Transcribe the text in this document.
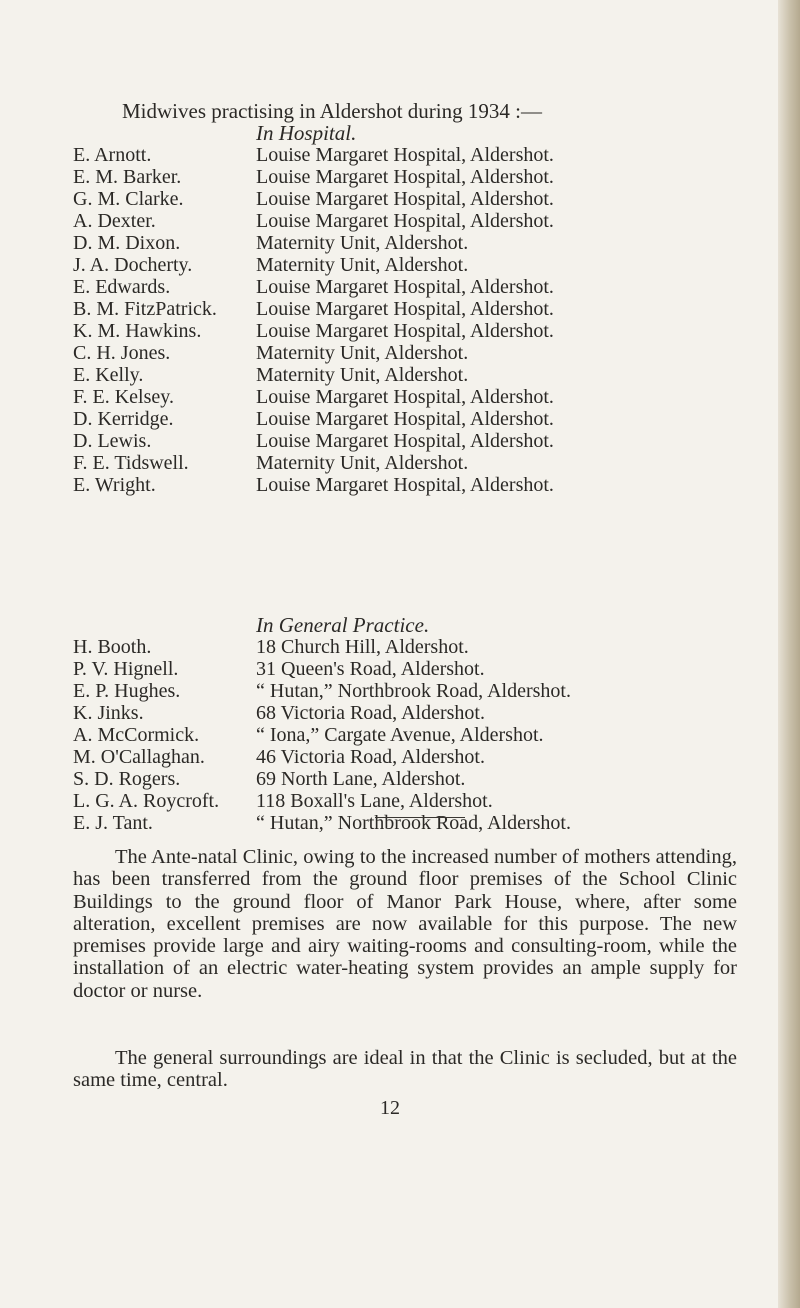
Midwives practising in Aldershot during 1934 :—
In Hospital.
E. Arnott.	Louise Margaret Hospital, Aldershot.
E. M. Barker.	Louise Margaret Hospital, Aldershot.
G. M. Clarke.	Louise Margaret Hospital, Aldershot.
A. Dexter.	Louise Margaret Hospital, Aldershot.
D. M. Dixon.	Maternity Unit, Aldershot.
J. A. Docherty.	Maternity Unit, Aldershot.
E. Edwards.	Louise Margaret Hospital, Aldershot.
B. M. FitzPatrick. Louise Margaret Hospital, Aldershot.
K. M. Hawkins.	Louise Margaret Hospital, Aldershot.
C. H. Jones.	Maternity Unit, Aldershot.
E. Kelly.	Maternity Unit, Aldershot.
F. E. Kelsey.	Louise Margaret Hospital, Aldershot.
D. Kerridge.	Louise Margaret Hospital, Aldershot.
D. Lewis.	Louise Margaret Hospital, Aldershot.
F. E. Tidswell.	Maternity Unit, Aldershot.
E. Wright.	Louise Margaret Hospital, Aldershot.
In General Practice.
H. Booth.	18 Church Hill, Aldershot.
P. V. Hignell.	31 Queen's Road, Aldershot.
E. P. Hughes.	“ Hutan,” Northbrook Road, Aldershot.
K. Jinks.	68 Victoria Road, Aldershot.
A. McCormick.	“ Iona,” Cargate Avenue, Aldershot.
M. O'Callaghan.	46 Victoria Road, Aldershot.
S. D. Rogers.	69 North Lane, Aldershot.
L. G. A. Roycroft. 118 Boxall's Lane, Aldershot.
E. J. Tant.	“ Hutan,” Northbrook Road, Aldershot.
The Ante-natal Clinic, owing to the increased number of mothers attending, has been transferred from the ground floor premises of the School Clinic Buildings to the ground floor of Manor Park House, where, after some alteration, excellent premises are now available for this purpose. The new premises provide large and airy waiting-rooms and consulting-room, while the installation of an electric water-heating system provides an ample supply for doctor or nurse.
The general surroundings are ideal in that the Clinic is secluded, but at the same time, central.
12
